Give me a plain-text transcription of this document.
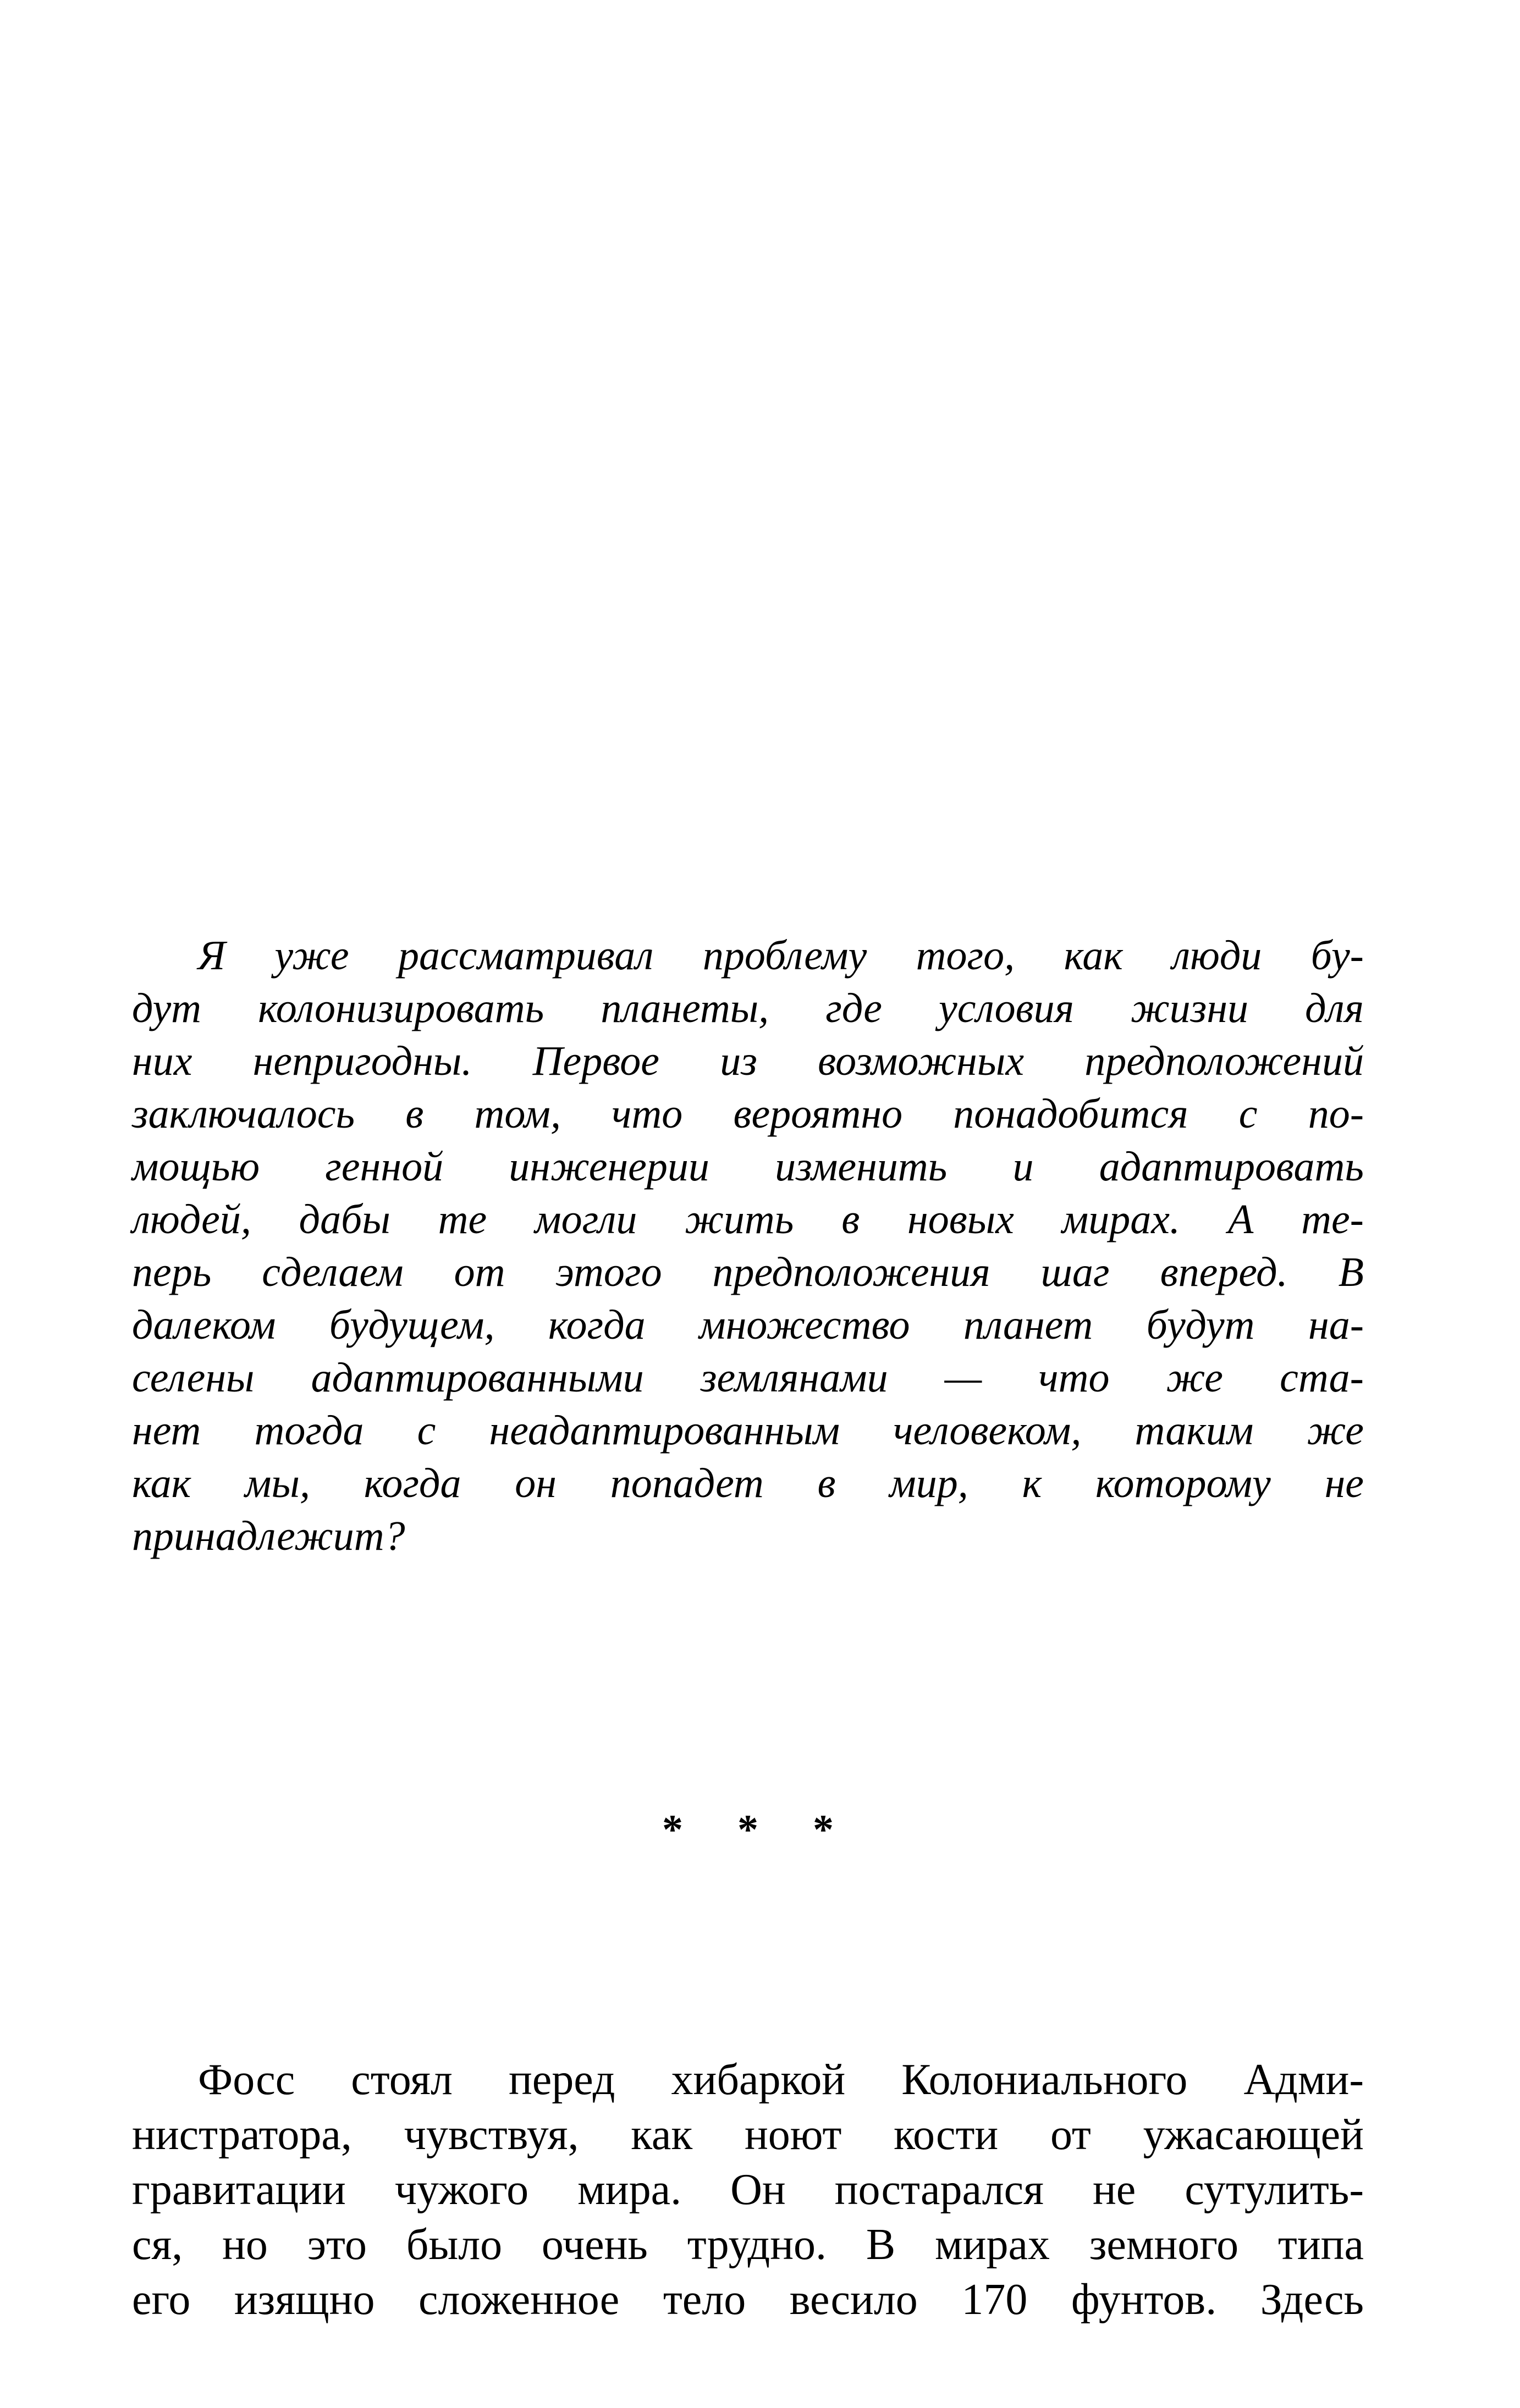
Я уже рассматривал проблему того, как люди бу-
дут колонизировать планеты, где условия жизни для
них непригодны. Первое из возможных предположений
заключалось в том, что вероятно понадобится с по-
мощью генной инженерии изменить и адаптировать
людей, дабы те могли жить в новых мирах. А те-
перь сделаем от этого предположения шаг вперед. В
далеком будущем, когда множество планет будут на-
селены адаптированными землянами — что же ста-
нет тогда с неадаптированным человеком, таким же
как мы, когда он попадет в мир, к которому не
принадлежит?
* * *
Фосс стоял перед хибаркой Колониального Адми-
нистратора, чувствуя, как ноют кости от ужасающей
гравитации чужого мира. Он постарался не сутулить-
ся, но это было очень трудно. В мирах земного типа
его изящно сложенное тело весило 170 фунтов. Здесь
